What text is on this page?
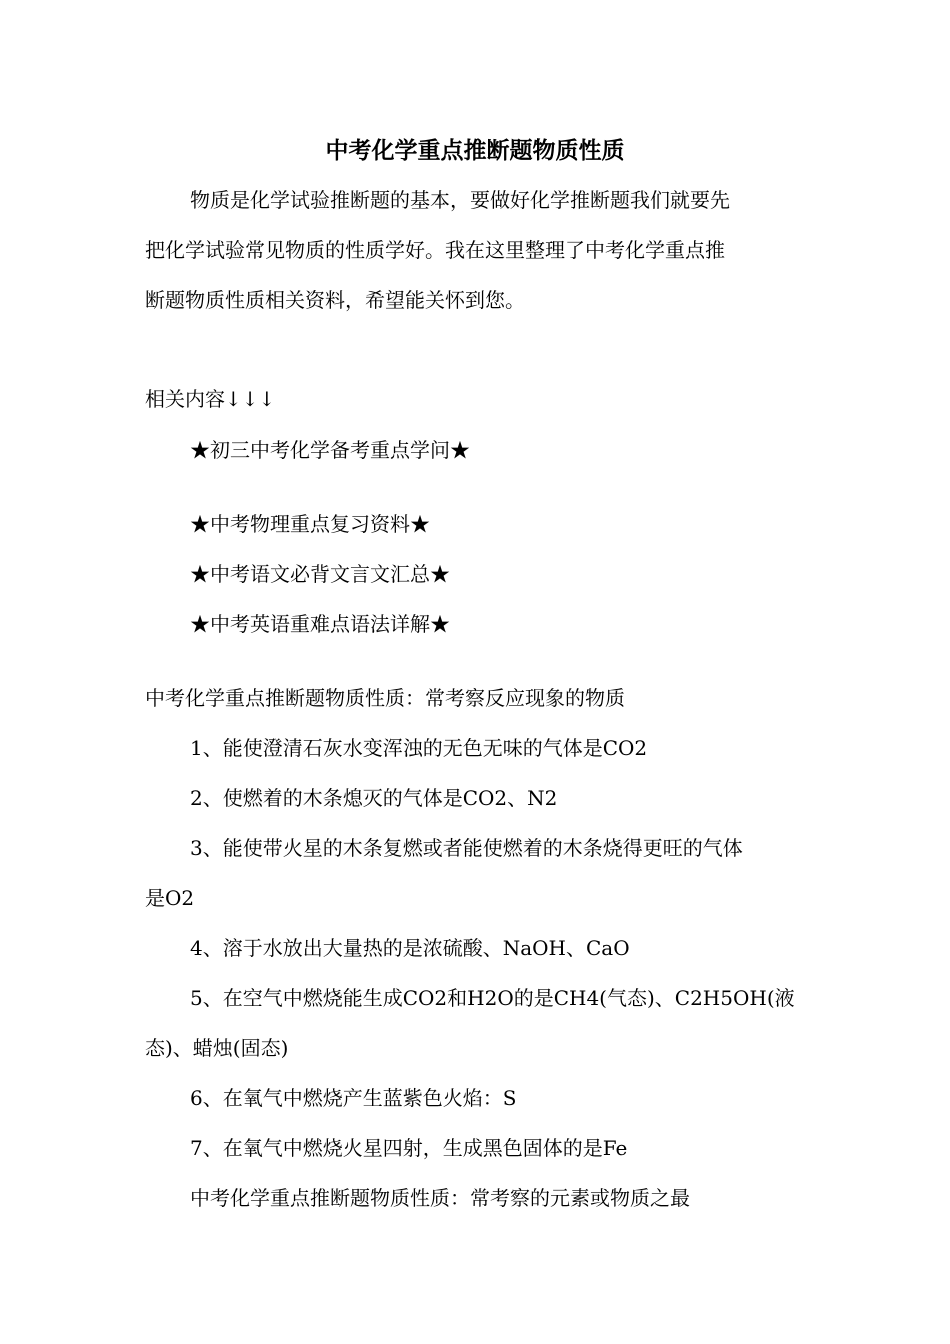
中考化学重点推断题物质性质
物质是化学试验推断题的基本，要做好化学推断题我们就要先
把化学试验常见物质的性质学好。我在这里整理了中考化学重点推
断题物质性质相关资料，希望能关怀到您。
相关内容↓↓↓
★初三中考化学备考重点学问★
★中考物理重点复习资料★
★中考语文必背文言文汇总★
★中考英语重难点语法详解★
中考化学重点推断题物质性质：常考察反应现象的物质
1、能使澄清石灰水变浑浊的无色无味的气体是CO2
2、使燃着的木条熄灭的气体是CO2、N2
3、能使带火星的木条复燃或者能使燃着的木条烧得更旺的气体
是O2
4、溶于水放出大量热的是浓硫酸、NaOH、CaO
5、在空气中燃烧能生成CO2和H2O的是CH4(气态)、C2H5OH(液
态)、蜡烛(固态)
6、在氧气中燃烧产生蓝紫色火焰：S
7、在氧气中燃烧火星四射，生成黑色固体的是Fe
中考化学重点推断题物质性质：常考察的元素或物质之最
